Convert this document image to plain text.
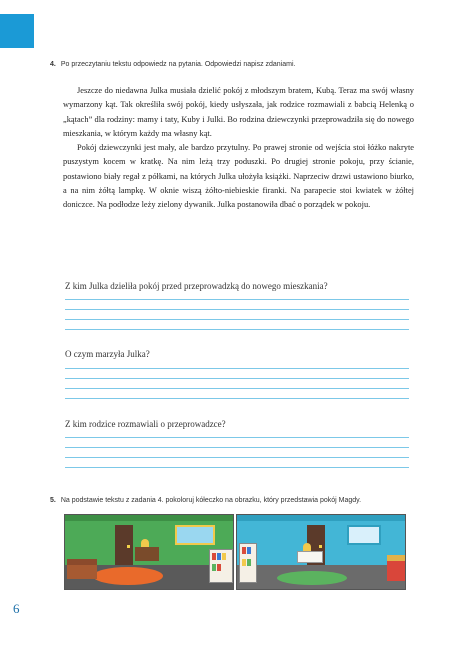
4. Po przeczytaniu tekstu odpowiedz na pytania. Odpowiedzi napisz zdaniami.

Jeszcze do niedawna Julka musiała dzielić pokój z młodszym bratem, Kubą. Teraz ma swój własny wymarzony kąt. Tak określiła swój pokój, kiedy usłyszała, jak rodzice rozmawiali z babcią Helenką o „kątach” dla rodziny: mamy i taty, Kuby i Julki. Bo rodzina dziewczynki przeprowadziła się do nowego mieszkania, w którym każdy ma własny kąt.

Pokój dziewczynki jest mały, ale bardzo przytulny. Po prawej stronie od wejścia stoi łóżko nakryte puszystym kocem w kratkę. Na nim leżą trzy poduszki. Po drugiej stronie pokoju, przy ścianie, postawiono biały regał z półkami, na których Julka ułożyła książki. Naprzeciw drzwi ustawiono biurko, a na nim żółtą lampkę. W oknie wiszą żółto-niebieskie firanki. Na parapecie stoi kwiatek w żółtej doniczce. Na podłodze leży zielony dywanik. Julka postanowiła dbać o porządek w pokoju.

Z kim Julka dzieliła pokój przed przeprowadzką do nowego mieszkania?
O czym marzyła Julka?
Z kim rodzice rozmawiali o przeprowadzce?
5. Na podstawie tekstu z zadania 4. pokoloruj kółeczko na obrazku, który przedstawia pokój Magdy.
6
